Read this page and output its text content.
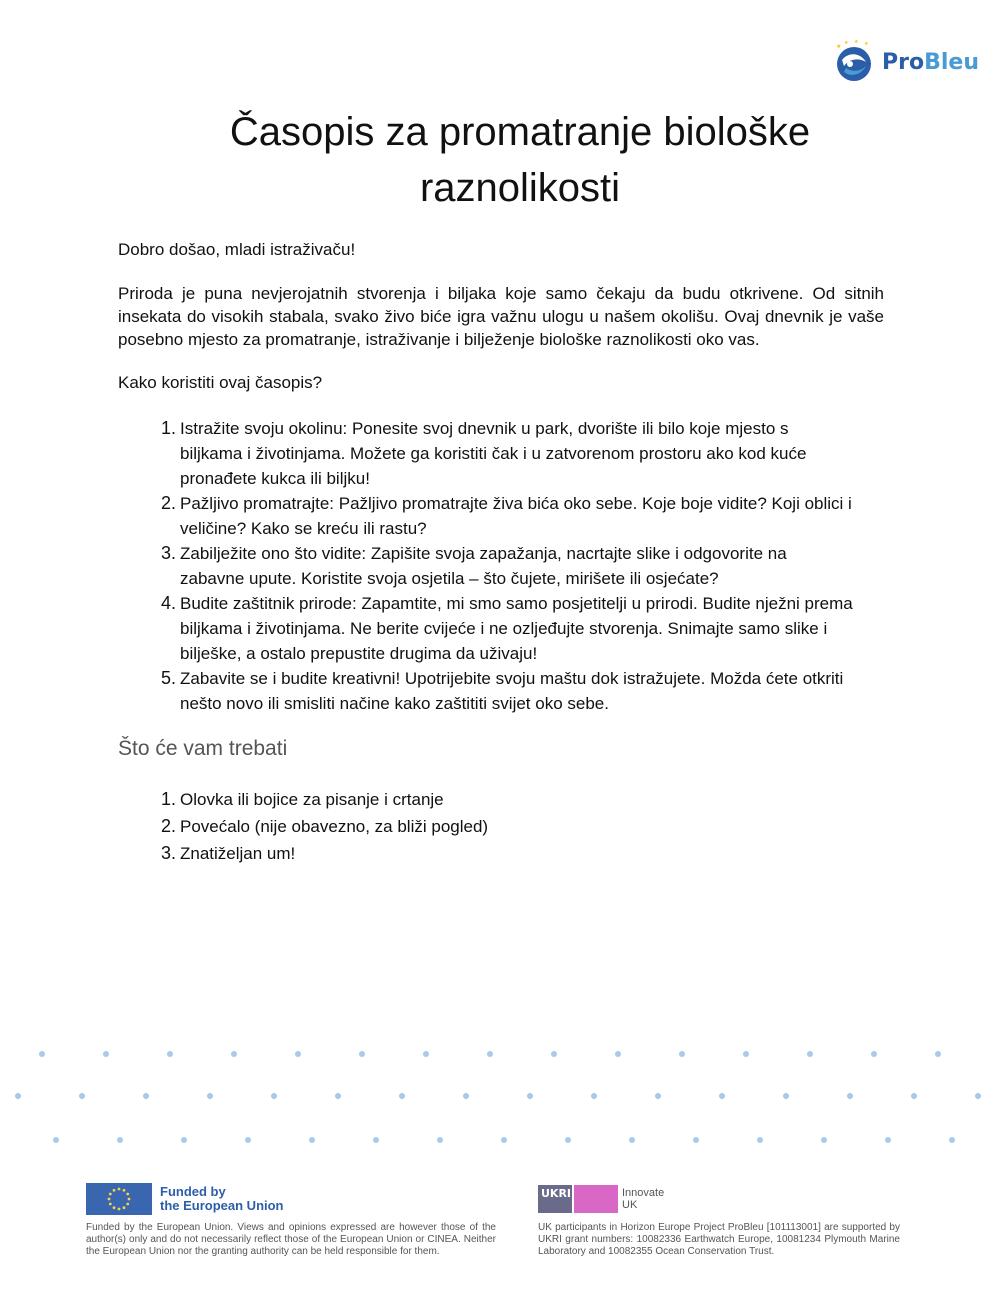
★
★ ★ ★
ProBleu
Časopis za promatranje biološke
raznolikosti

Dobro došao, mladi istraživaču!

Priroda je puna nevjerojatnih stvorenja i biljaka koje samo čekaju da budu otkrivene. Od sitnih insekata do visokih stabala, svako živo biće igra važnu ulogu u našem okolišu. Ovaj dnevnik je vaše posebno mjesto za promatranje, istraživanje i bilježenje biološke raznolikosti oko vas.

Kako koristiti ovaj časopis?

1. Istražite svoju okolinu: Ponesite svoj dnevnik u park, dvorište ili bilo koje mjesto s biljkama i životinjama. Možete ga koristiti čak i u zatvorenom prostoru ako kod kuće pronađete kukca ili biljku!
2. Pažljivo promatrajte: Pažljivo promatrajte živa bića oko sebe. Koje boje vidite? Koji oblici i veličine? Kako se kreću ili rastu?
3. Zabilježite ono što vidite: Zapišite svoja zapažanja, nacrtajte slike i odgovorite na zabavne upute. Koristite svoja osjetila – što čujete, mirišete ili osjećate?
4. Budite zaštitnik prirode: Zapamtite, mi smo samo posjetitelji u prirodi. Budite nježni prema biljkama i životinjama. Ne berite cvijeće i ne ozljeđujte stvorenja. Snimajte samo slike i bilješke, a ostalo prepustite drugima da uživaju!
5. Zabavite se i budite kreativni! Upotrijebite svoju maštu dok istražujete. Možda ćete otkriti nešto novo ili smisliti načine kako zaštititi svijet oko sebe.
Što će vam trebati
1. Olovka ili bojice za pisanje i crtanje
2. Povećalo (nije obavezno, za bliži pogled)
3. Znatiželjan um!
Funded by
the European Union
Funded by the European Union. Views and opinions expressed are however those of the author(s) only and do not necessarily reflect those of the European Union or CINEA. Neither the European Union nor the granting authority can be held responsible for them.
UKRI	Innovate
UK
UK participants in Horizon Europe Project ProBleu [101113001] are supported by UKRI grant numbers: 10082336 Earthwatch Europe, 10081234 Plymouth Marine Laboratory and 10082355 Ocean Conservation Trust.
